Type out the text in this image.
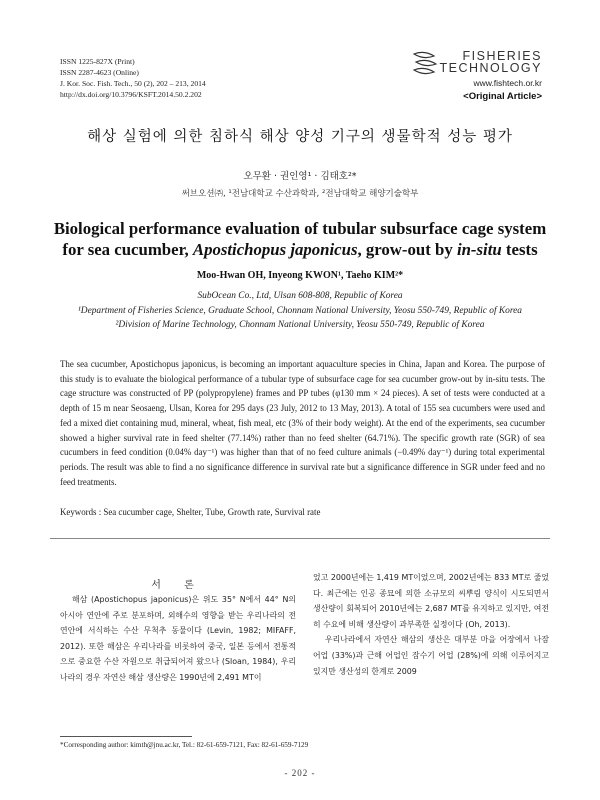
ISSN 1225-827X (Print)
ISSN 2287-4623 (Online)
J. Kor. Soc. Fish. Tech., 50 (2), 202 – 213, 2014
http://dx.doi.org/10.3796/KSFT.2014.50.2.202
FISHERIES
TECHNOLOGY
www.fishtech.or.kr
<Original Article>
해상 실험에 의한 침하식 해상 양성 기구의 생물학적 성능 평가
오무환 · 권인영¹ · 김태호²*
써브오션㈜, ¹전남대학교 수산과학과, ²전남대학교 해양기술학부
Biological performance evaluation of tubular subsurface cage system
for sea cucumber, Apostichopus japonicus, grow-out by in-situ tests
Moo-Hwan OH, Inyeong KWON¹, Taeho KIM²*
SubOcean Co., Ltd, Ulsan 608-808, Republic of Korea
¹Department of Fisheries Science, Graduate School, Chonnam National University, Yeosu 550-749, Republic of Korea
²Division of Marine Technology, Chonnam National University, Yeosu 550-749, Republic of Korea
The sea cucumber, Apostichopus japonicus, is becoming an important aquaculture species in China, Japan and Korea. The purpose of this study is to evaluate the biological performance of a tubular type of subsurface cage for sea cucumber grow-out by in-situ tests. The cage structure was constructed of PP (polypropylene) frames and PP tubes (φ130 mm × 24 pieces). A set of tests were conducted at a depth of 15 m near Seosaeng, Ulsan, Korea for 295 days (23 July, 2012 to 13 May, 2013). A total of 155 sea cucumbers were used and fed a mixed diet containing mud, mineral, wheat, fish meal, etc (3% of their body weight). At the end of the experiments, sea cucumber showed a higher survival rate in feed shelter (77.14%) rather than no feed shelter (64.71%). The specific growth rate (SGR) of sea cucumbers in feed condition (0.04% day⁻¹) was higher than that of no feed culture animals (−0.49% day⁻¹) during total experimental periods. The result was able to find a no significance difference in survival rate but a significance difference in SGR under feed and no feed treatments.
Keywords : Sea cucumber cage, Shelter, Tube, Growth rate, Survival rate
서 론

해삼 (Apostichopus japonicus)은 위도 35° N에서 44° N의 아시아 연안에 주로 분포하며, 외해수의 영향을 받는 우리나라의 전 연안에 서식하는 수산 무척추 동물이다 (Levin, 1982; MIFAFF, 2012). 또한 해삼은 우리나라를 비롯하여 중국, 일본 등에서 전통적으로 중요한 수산 자원으로 취급되어져 왔으나 (Sloan, 1984), 우리나라의 경우 자연산 해삼 생산량은 1990년에 2,491 MT이

었고 2000년에는 1,419 MT이었으며, 2002년에는 833 MT로 줄었다. 최근에는 인공 종묘에 의한 소규모의 씨뿌림 양식이 시도되면서 생산량이 회복되어 2010년에는 2,687 MT를 유지하고 있지만, 여전히 수요에 비해 생산량이 과부족한 실정이다 (Oh, 2013).

우리나라에서 자연산 해삼의 생산은 대부분 마을 어장에서 나잠 어업 (33%)과 근해 어업인 잠수기 어업 (28%)에 의해 이루어지고 있지만 생산성의 한계로 2009

*Corresponding author: kimth@jnu.ac.kr, Tel.: 82-61-659-7121, Fax: 82-61-659-7129
- 202 -
